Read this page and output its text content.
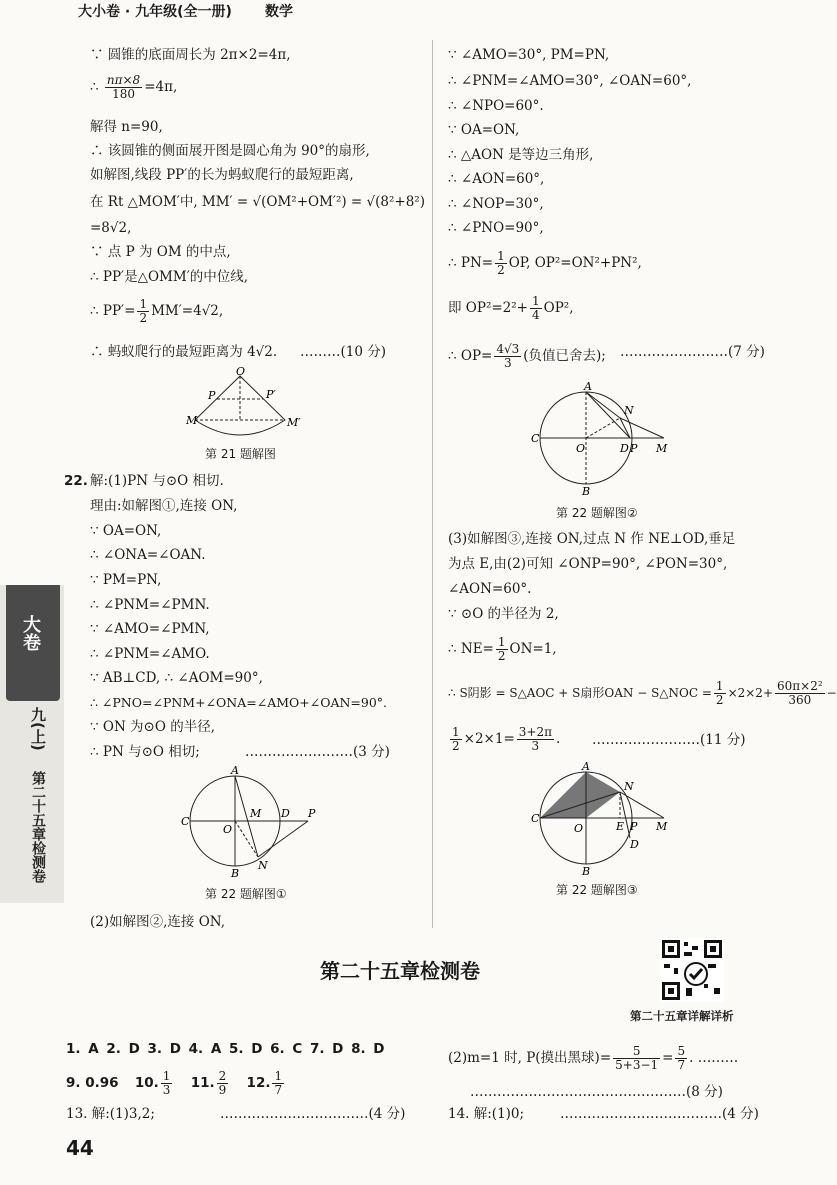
大小卷 · 九年级(全一册) 数学
大卷
九(上)
第二十五章检测卷
∵ 圆锥的底面周长为 2π×2=4π,
∴ $\frac{n\pi\times 8}{180} =4\pi$,
解得 n=90,
∴ 该圆锥的侧面展开图是圆心角为 90°的扇形,
如解图,线段 PP′的长为蚂蚁爬行的最短距离,
在 Rt △MOM′中, MM′ = √(OM²+OM′²) = √(8²+8²)
=8√2,
∵ 点 P 为 OM 的中点,
∴ PP′是△OMM′的中位线,
∴ $PP'= \frac{1}{2} MM'=4√2$,
∴ 蚂蚁爬行的最短距离为 4√2. ………(10 分)
O
P	P′
M	M′
第 21 题解图
22. 解:(1)PN 与⊙O 相切.
理由:如解图①,连接 ON,
∵ OA=ON,
∴ ∠ONA=∠OAN.
∵ PM=PN,
∴ ∠PNM=∠PMN.
∵ ∠AMO=∠PMN,
∴ ∠PNM=∠AMO.
∵ AB⊥CD, ∴ ∠AOM=90°,
∴ ∠PNO=∠PNM+∠ONA=∠AMO+∠OAN=90°.
∵ ON 为⊙O 的半径,
∴ PN 与⊙O 相切;	……………………(3 分)
A
C
O
M D P
N
B
第 22 题解图①
(2)如解图②,连接 ON,
∵ ∠AMO=30°, PM=PN,
∴ ∠PNM=∠AMO=30°, ∠OAN=60°,
∴ ∠NPO=60°.
∵ OA=ON,
∴ △AON 是等边三角形,
∴ ∠AON=60°,
∴ ∠NOP=30°,
∴ ∠PNO=90°,
∴ $PN= \frac{1}{2}$ OP, OP²=ON²+PN²,
即 $OP^2=2^2+ \frac{1}{4} OP^2$,
∴ $OP= \frac{4√3}{3}$ (负值已舍去); ……………………(7 分)
A
N
C
O	D P M
B
第 22 题解图②
(3)如解图③,连接 ON,过点 N 作 NE⊥OD,垂足
为点 E,由(2)可知 ∠ONP=90°, ∠PON=30°,
∠AON=60°.
∵ ⊙O 的半径为 2,
∴ $NE= \frac{1}{2} ON=1$,
∴ S阴影 = S△AOC + S扇形OAN − S△NOC = $\frac{1}{2} \times 2\times 2+ \frac{\text{60π×2²}}{360}$ −
$\frac{1}{2} \times 2\times 1= \frac{3+2\pi}{3}$ . ……………………(11 分)
A
N
C
O	E P M
D
B
第 22 题解图③
第二十五章检测卷
第二十五章详解详析
1. A 2. D 3. D 4. A 5. D 6. C 7. D 8. D
9. 0.96 10. $\frac{1}{3} 11$. $\frac{2}{9} 12$. $\frac{1}{7}$
13. 解:(1)3,2;	……………………………(4 分)
(2)m=1 时, P(摸出黑球)= $\frac{5}{5+3-1} = \frac{5}{7}$ . ………
…………………………………………(8 分)
14. 解:(1)0;	………………………………(4 分)
44
